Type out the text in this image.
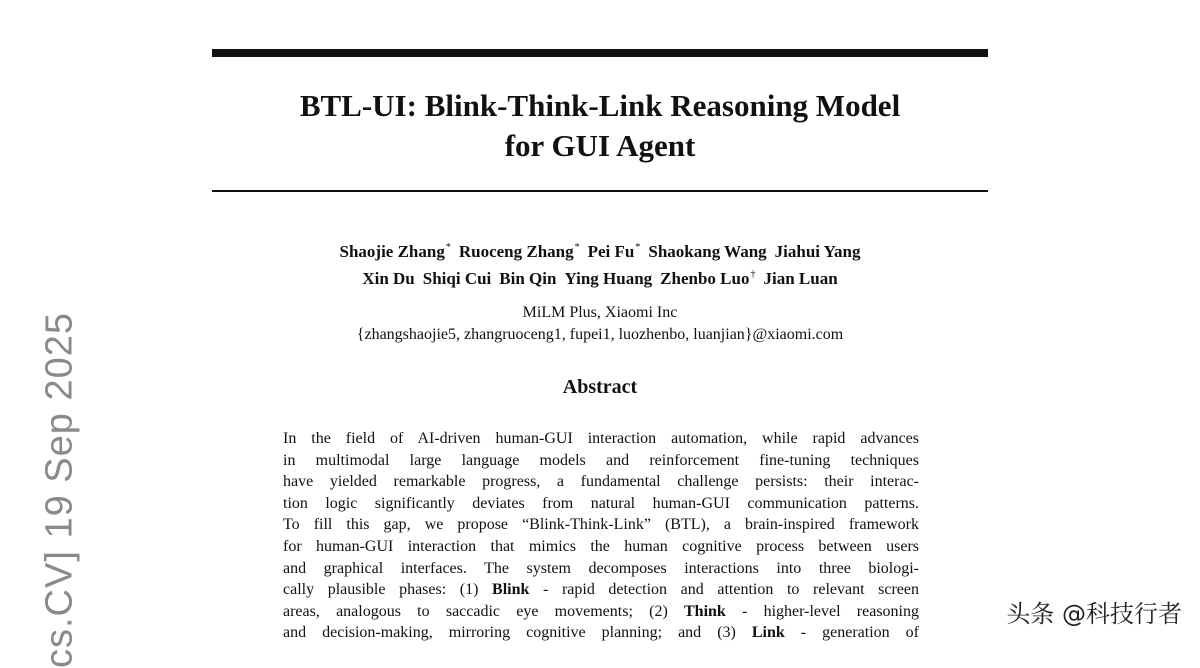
BTL-UI: Blink-Think-Link Reasoning Model
for GUI Agent
Shaojie Zhang* Ruoceng Zhang* Pei Fu* Shaokang Wang Jiahui Yang
Xin Du Shiqi Cui Bin Qin Ying Huang Zhenbo Luo† Jian Luan
MiLM Plus, Xiaomi Inc
{zhangshaojie5, zhangruoceng1, fupei1, luozhenbo, luanjian}@xiaomi.com
Abstract
In the field of AI-driven human-GUI interaction automation, while rapid advances
in multimodal large language models and reinforcement fine-tuning techniques
have yielded remarkable progress, a fundamental challenge persists: their interac-
tion logic significantly deviates from natural human-GUI communication patterns.
To fill this gap, we propose “Blink-Think-Link” (BTL), a brain-inspired framework
for human-GUI interaction that mimics the human cognitive process between users
and graphical interfaces. The system decomposes interactions into three biologi-
cally plausible phases: (1) Blink - rapid detection and attention to relevant screen
areas, analogous to saccadic eye movements; (2) Think - higher-level reasoning
and decision-making, mirroring cognitive planning; and (3) Link - generation of
cs.CV] 19 Sep 2025	头条 @科技行者
